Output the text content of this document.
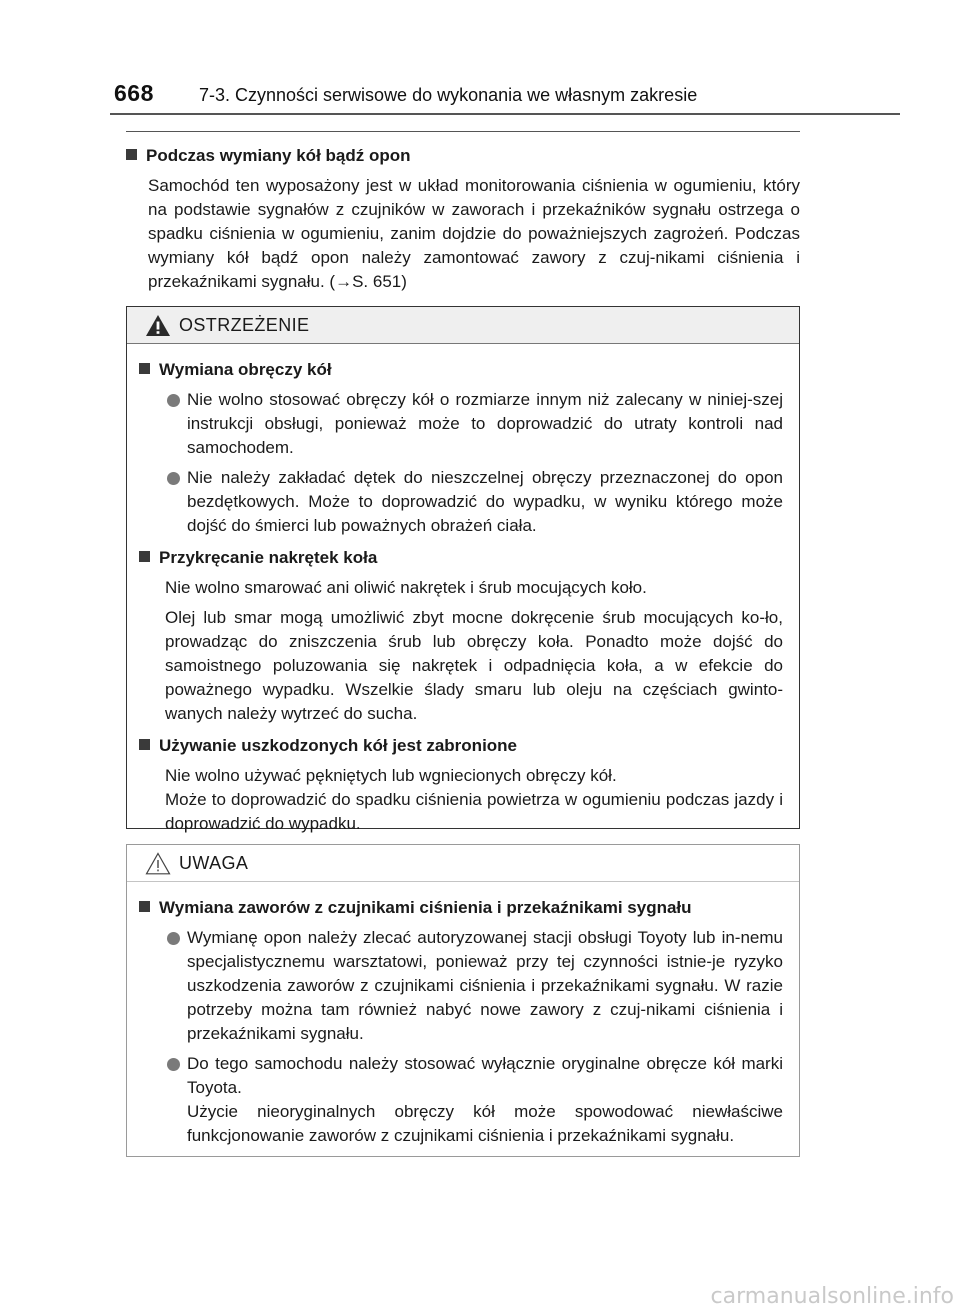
668	7-3. Czynności serwisowe do wykonania we własnym zakresie
Podczas wymiany kół bądź opon
Samochód ten wyposażony jest w układ monitorowania ciśnienia w ogumieniu, który na podstawie sygnałów z czujników w zaworach i przekaźników sygnału ostrzega o spadku ciśnienia w ogumieniu, zanim dojdzie do poważniejszych zagrożeń. Podczas wymiany kół bądź opon należy zamontować zawory z czuj-nikami ciśnienia i przekaźnikami sygnału. (→S. 651)
OSTRZEŻENIE
Wymiana obręczy kół
Nie wolno stosować obręczy kół o rozmiarze innym niż zalecany w niniej-szej instrukcji obsługi, ponieważ może to doprowadzić do utraty kontroli nad samochodem.
Nie należy zakładać dętek do nieszczelnej obręczy przeznaczonej do opon bezdętkowych. Może to doprowadzić do wypadku, w wyniku którego może dojść do śmierci lub poważnych obrażeń ciała.
Przykręcanie nakrętek koła
Nie wolno smarować ani oliwić nakrętek i śrub mocujących koło.
Olej lub smar mogą umożliwić zbyt mocne dokręcenie śrub mocujących ko-ło, prowadząc do zniszczenia śrub lub obręczy koła. Ponadto może dojść do samoistnego poluzowania się nakrętek i odpadnięcia koła, a w efekcie do poważnego wypadku. Wszelkie ślady smaru lub oleju na częściach gwinto-wanych należy wytrzeć do sucha.
Używanie uszkodzonych kół jest zabronione
Nie wolno używać pękniętych lub wgniecionych obręczy kół.
Może to doprowadzić do spadku ciśnienia powietrza w ogumieniu podczas jazdy i doprowadzić do wypadku.
UWAGA
Wymiana zaworów z czujnikami ciśnienia i przekaźnikami sygnału
Wymianę opon należy zlecać autoryzowanej stacji obsługi Toyoty lub in-nemu specjalistycznemu warsztatowi, ponieważ przy tej czynności istnie-je ryzyko uszkodzenia zaworów z czujnikami ciśnienia i przekaźnikami sygnału. W razie potrzeby można tam również nabyć nowe zawory z czuj-nikami ciśnienia i przekaźnikami sygnału.
Do tego samochodu należy stosować wyłącznie oryginalne obręcze kół marki Toyota.
Użycie nieoryginalnych obręczy kół może spowodować niewłaściwe funkcjonowanie zaworów z czujnikami ciśnienia i przekaźnikami sygnału.
carmanualsonline.info
